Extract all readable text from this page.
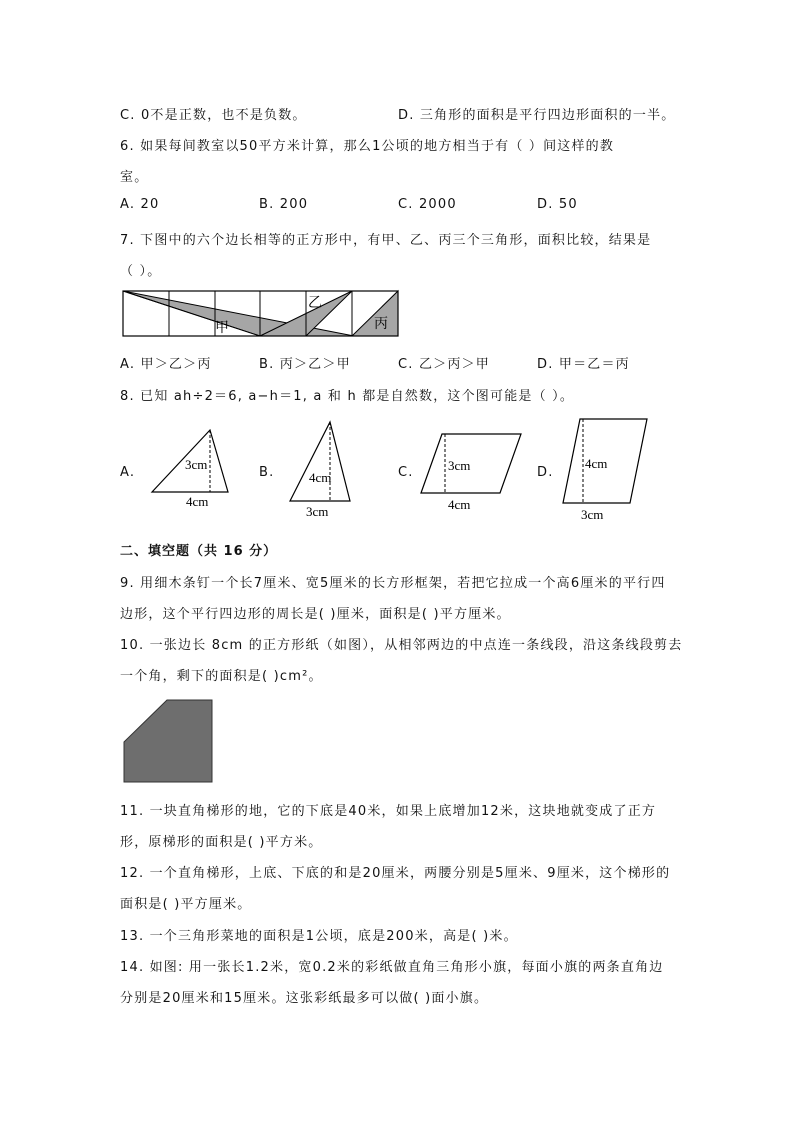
C. 0不是正数，也不是负数。	D. 三角形的面积是平行四边形面积的一半。
6. 如果每间教室以50平方米计算，那么1公顷的地方相当于有（ ）间这样的教
室。
A. 20	B. 200	C. 2000	D. 50
7. 下图中的六个边长相等的正方形中，有甲、乙、丙三个三角形，面积比较，结果是
（ ）。
甲
乙
丙
A. 甲＞乙＞丙	B. 丙＞乙＞甲	C. 乙＞丙＞甲	D. 甲＝乙＝丙
8. 已知 ah÷2＝6, a−h＝1, a 和 h 都是自然数，这个图可能是（ ）。
A.
3cm
4cm
B.	4cm
3cm
C.	3cm
4cm
D.
4cm
3cm
二、填空题（共 16 分）
9. 用细木条钉一个长7厘米、宽5厘米的长方形框架，若把它拉成一个高6厘米的平行四
边形，这个平行四边形的周长是( )厘米，面积是( )平方厘米。
10. 一张边长 8cm 的正方形纸（如图），从相邻两边的中点连一条线段，沿这条线段剪去
一个角，剩下的面积是( )cm²。
11. 一块直角梯形的地，它的下底是40米，如果上底增加12米，这块地就变成了正方
形，原梯形的面积是( )平方米。
12. 一个直角梯形，上底、下底的和是20厘米，两腰分别是5厘米、9厘米，这个梯形的
面积是( )平方厘米。
13. 一个三角形菜地的面积是1公顷，底是200米，高是( )米。
14. 如图: 用一张长1.2米，宽0.2米的彩纸做直角三角形小旗，每面小旗的两条直角边
分别是20厘米和15厘米。这张彩纸最多可以做( )面小旗。
